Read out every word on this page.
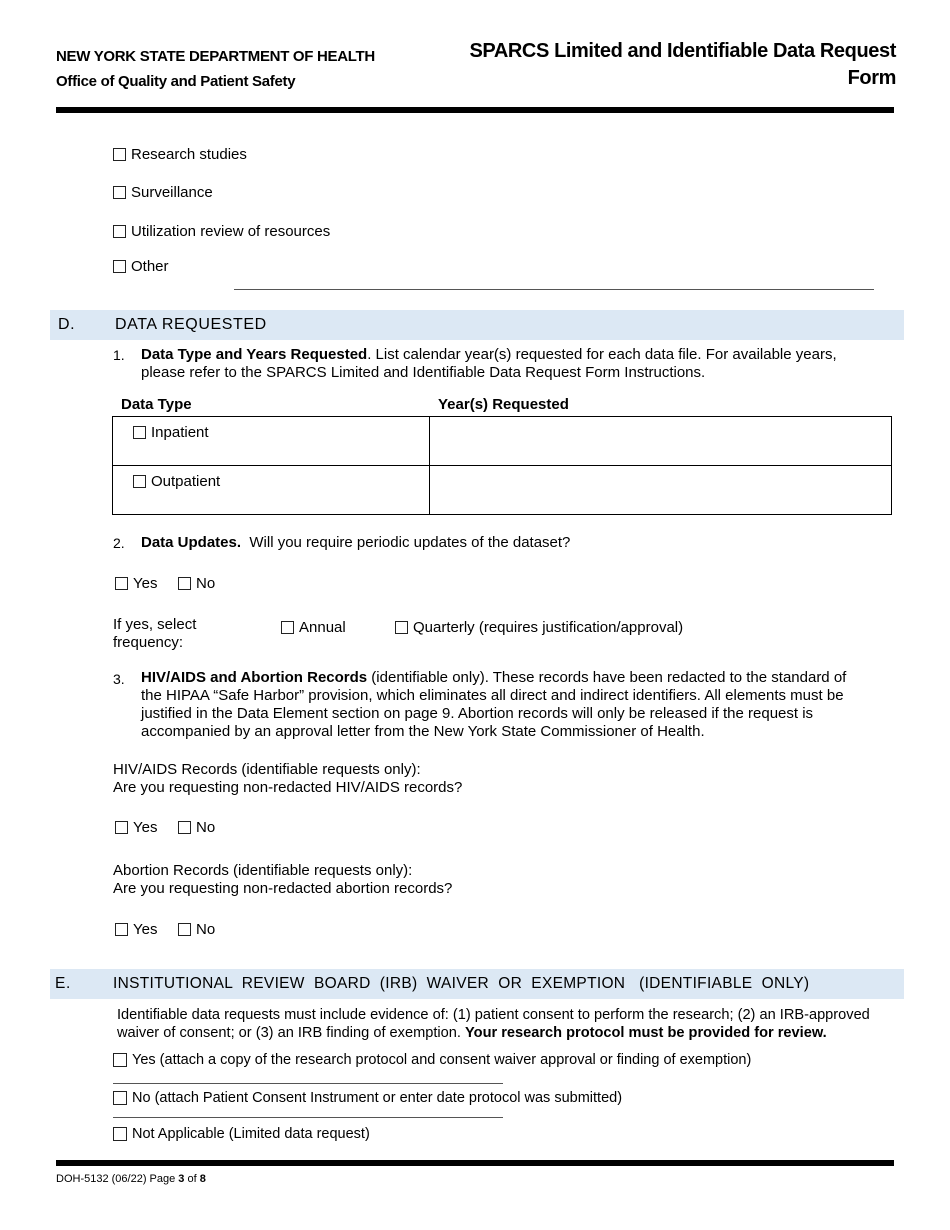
NEW YORK STATE DEPARTMENT OF HEALTH
Office of Quality and Patient Safety
SPARCS Limited and Identifiable Data Request
Form
Research studies
Surveillance
Utilization review of resources
Other
D. DATA REQUESTED
1. Data Type and Years Requested. List calendar year(s) requested for each data file. For available years,
please refer to the SPARCS Limited and Identifiable Data Request Form Instructions.
Data Type	Year(s) Requested
Inpatient	

Outpatient	

2. Data Updates. Will you require periodic updates of the dataset?
Yes	No
If yes, select
frequency:
Annual	Quarterly (requires justification/approval)
3. HIV/AIDS and Abortion Records (identifiable only). These records have been redacted to the standard of
the HIPAA “Safe Harbor” provision, which eliminates all direct and indirect identifiers. All elements must be
justified in the Data Element section on page 9. Abortion records will only be released if the request is
accompanied by an approval letter from the New York State Commissioner of Health.
HIV/AIDS Records (identifiable requests only):
Are you requesting non-redacted HIV/AIDS records?
Yes	No
Abortion Records (identifiable requests only):
Are you requesting non-redacted abortion records?
Yes	No
E.	INSTITUTIONAL  REVIEW  BOARD  (IRB)  WAIVER  OR  EXEMPTION   (IDENTIFIABLE  ONLY)
Identifiable data requests must include evidence of: (1) patient consent to perform the research; (2) an IRB-approved
waiver of consent; or (3) an IRB finding of exemption. Your research protocol must be provided for review.
Yes (attach a copy of the research protocol and consent waiver approval or finding of exemption)
No (attach Patient Consent Instrument or enter date protocol was submitted)
Not Applicable (Limited data request)
DOH-5132 (06/22) Page 3 of 8
